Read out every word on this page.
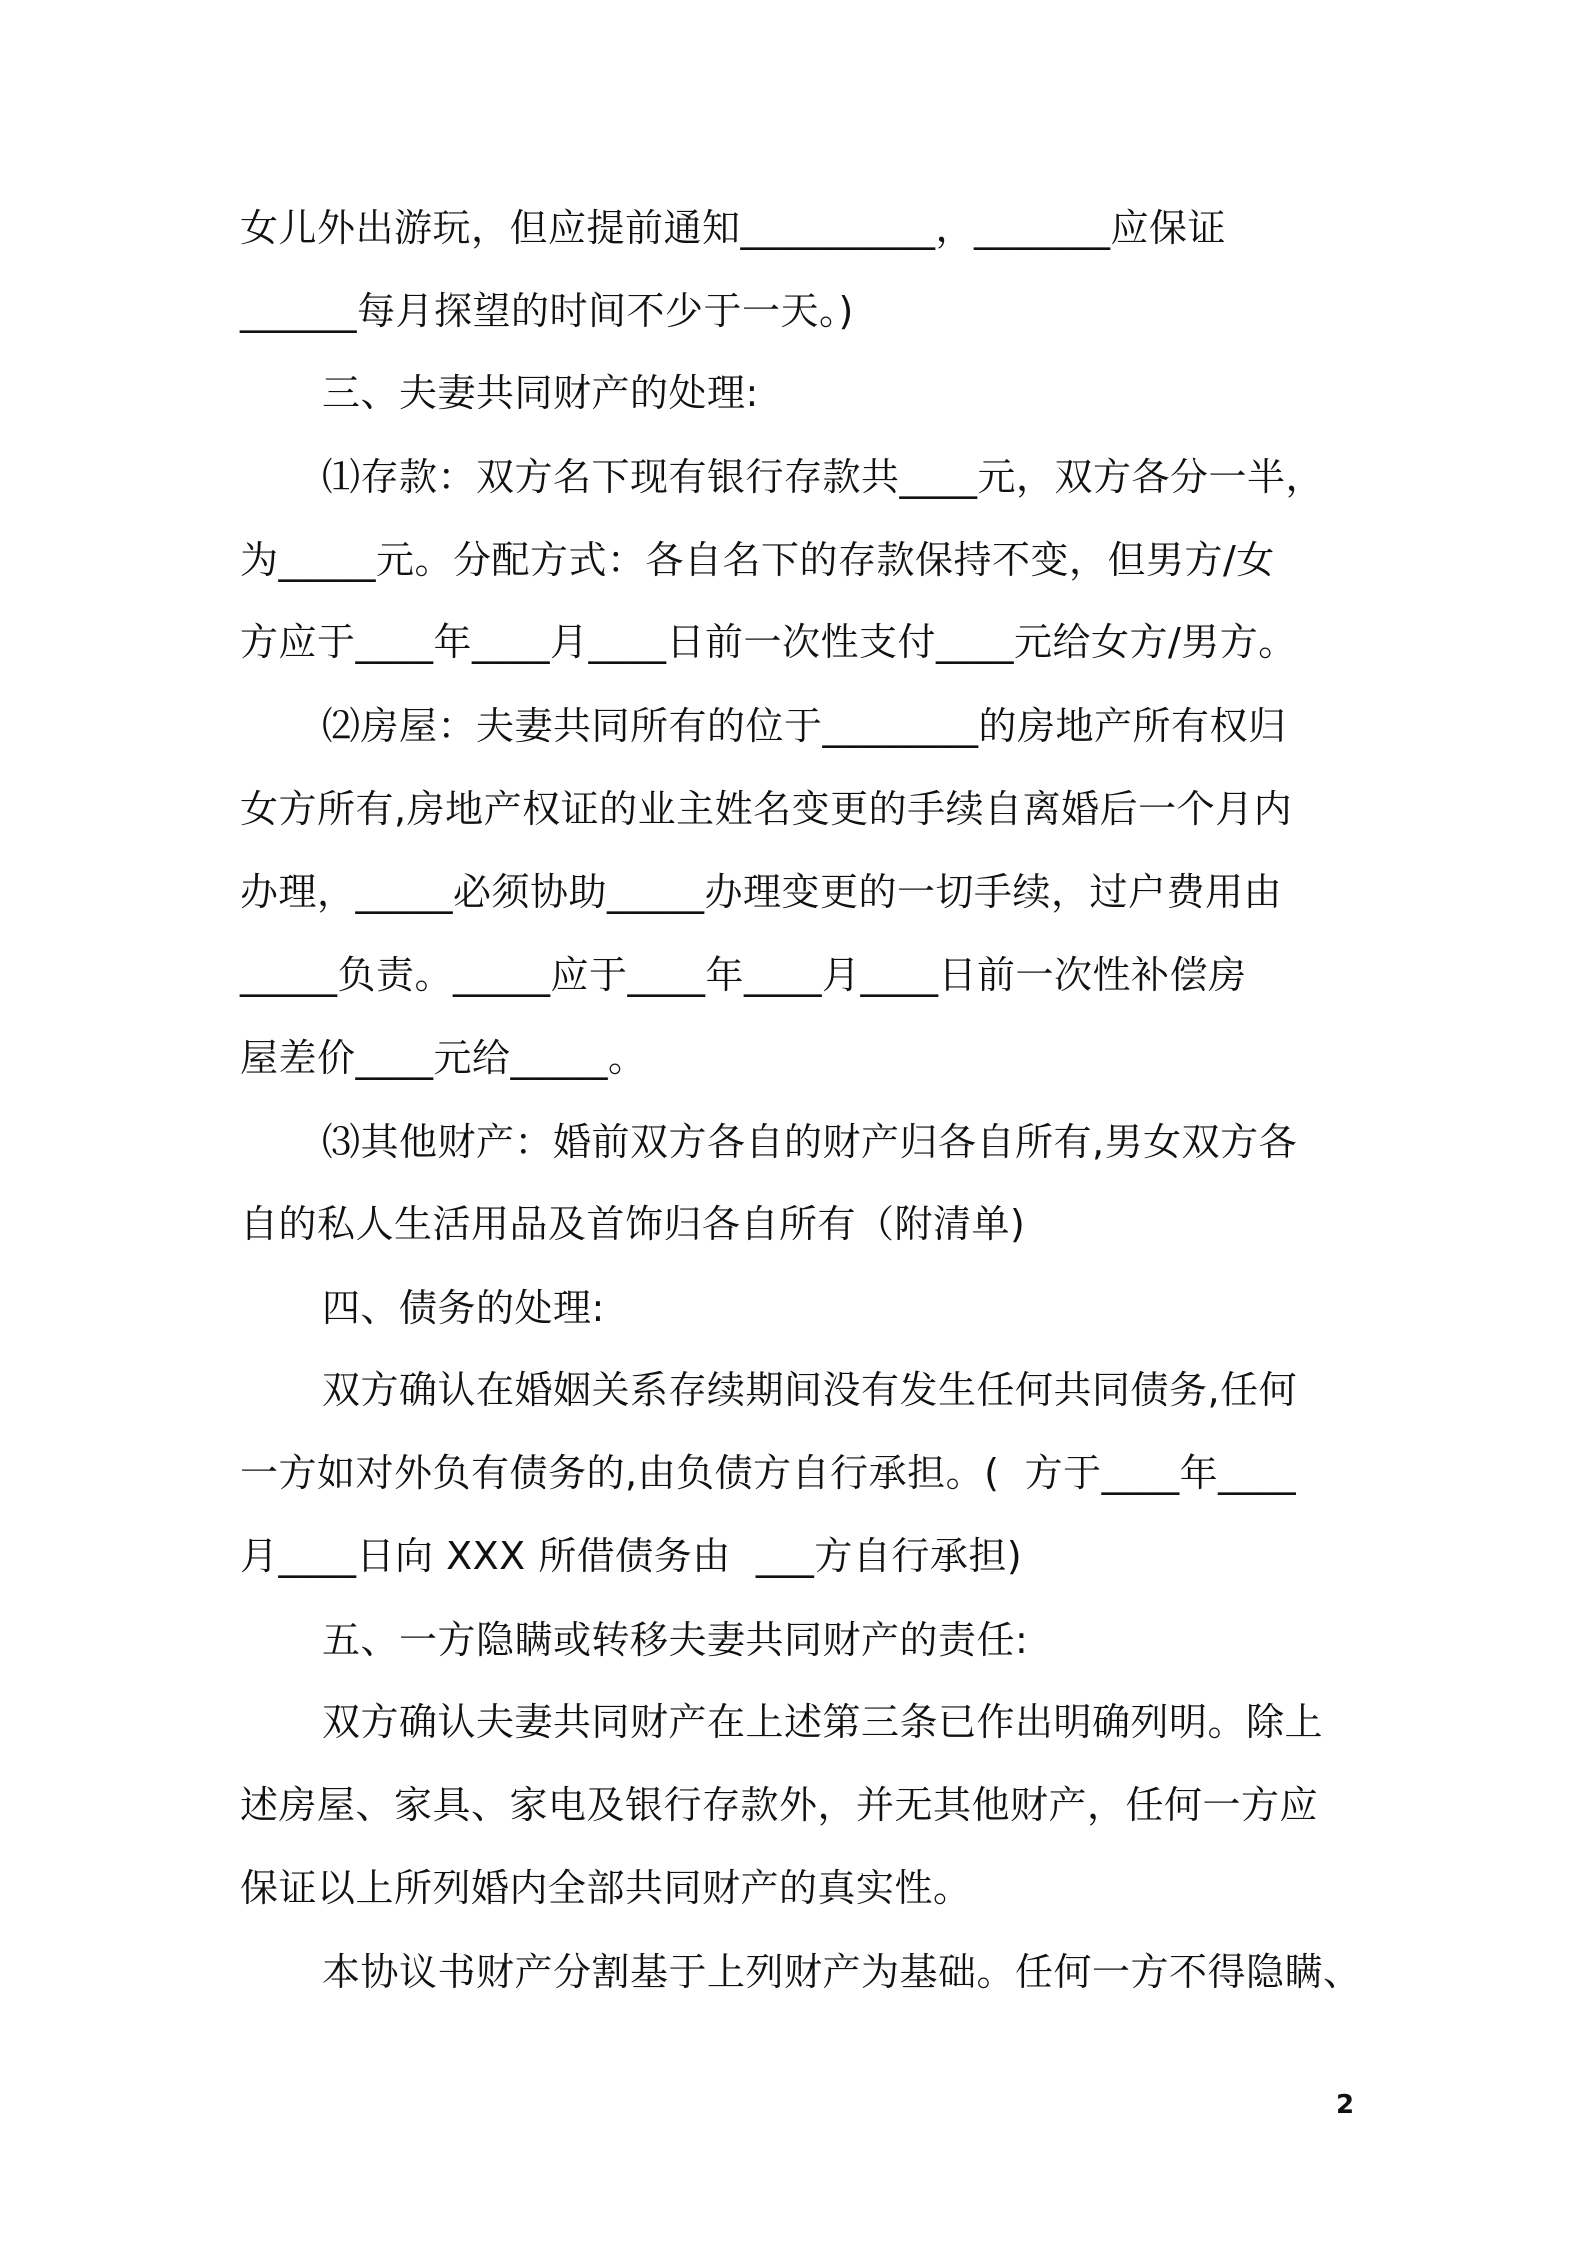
女儿外出游玩，但应提前通知__________，_______应保证
______每月探望的时间不少于一天。)
三、夫妻共同财产的处理:
⑴存款：双方名下现有银行存款共____元，双方各分一半，
为_____元。分配方式：各自名下的存款保持不变，但男方/女
方应于____年____月____日前一次性支付____元给女方/男方。
⑵房屋：夫妻共同所有的位于________的房地产所有权归
女方所有,房地产权证的业主姓名变更的手续自离婚后一个月内
办理，_____必须协助_____办理变更的一切手续，过户费用由
_____负责。_____应于____年____月____日前一次性补偿房
屋差价____元给_____。
⑶其他财产：婚前双方各自的财产归各自所有,男女双方各
自的私人生活用品及首饰归各自所有（附清单)
四、债务的处理:
双方确认在婚姻关系存续期间没有发生任何共同债务,任何
一方如对外负有债务的,由负债方自行承担。(  方于____年____
月____日向 XXX 所借债务由  ___方自行承担)
五、一方隐瞒或转移夫妻共同财产的责任:
双方确认夫妻共同财产在上述第三条已作出明确列明。除上
述房屋、家具、家电及银行存款外，并无其他财产，任何一方应
保证以上所列婚内全部共同财产的真实性。
本协议书财产分割基于上列财产为基础。任何一方不得隐瞒、
2
